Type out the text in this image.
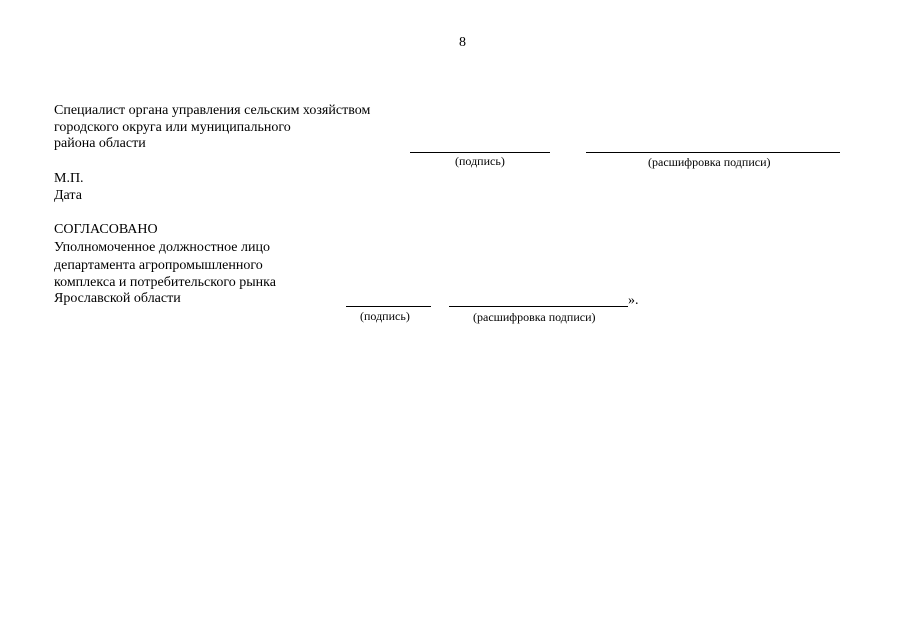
8
Специалист органа управления сельским хозяйством
городского округа или муниципального
района области
(подпись)	(расшифровка подписи)
М.П.
Дата
СОГЛАСОВАНО
Уполномоченное должностное лицо
департамента агропромышленного
комплекса и потребительского рынка
Ярославской области	».
(подпись)	(расшифровка подписи)
